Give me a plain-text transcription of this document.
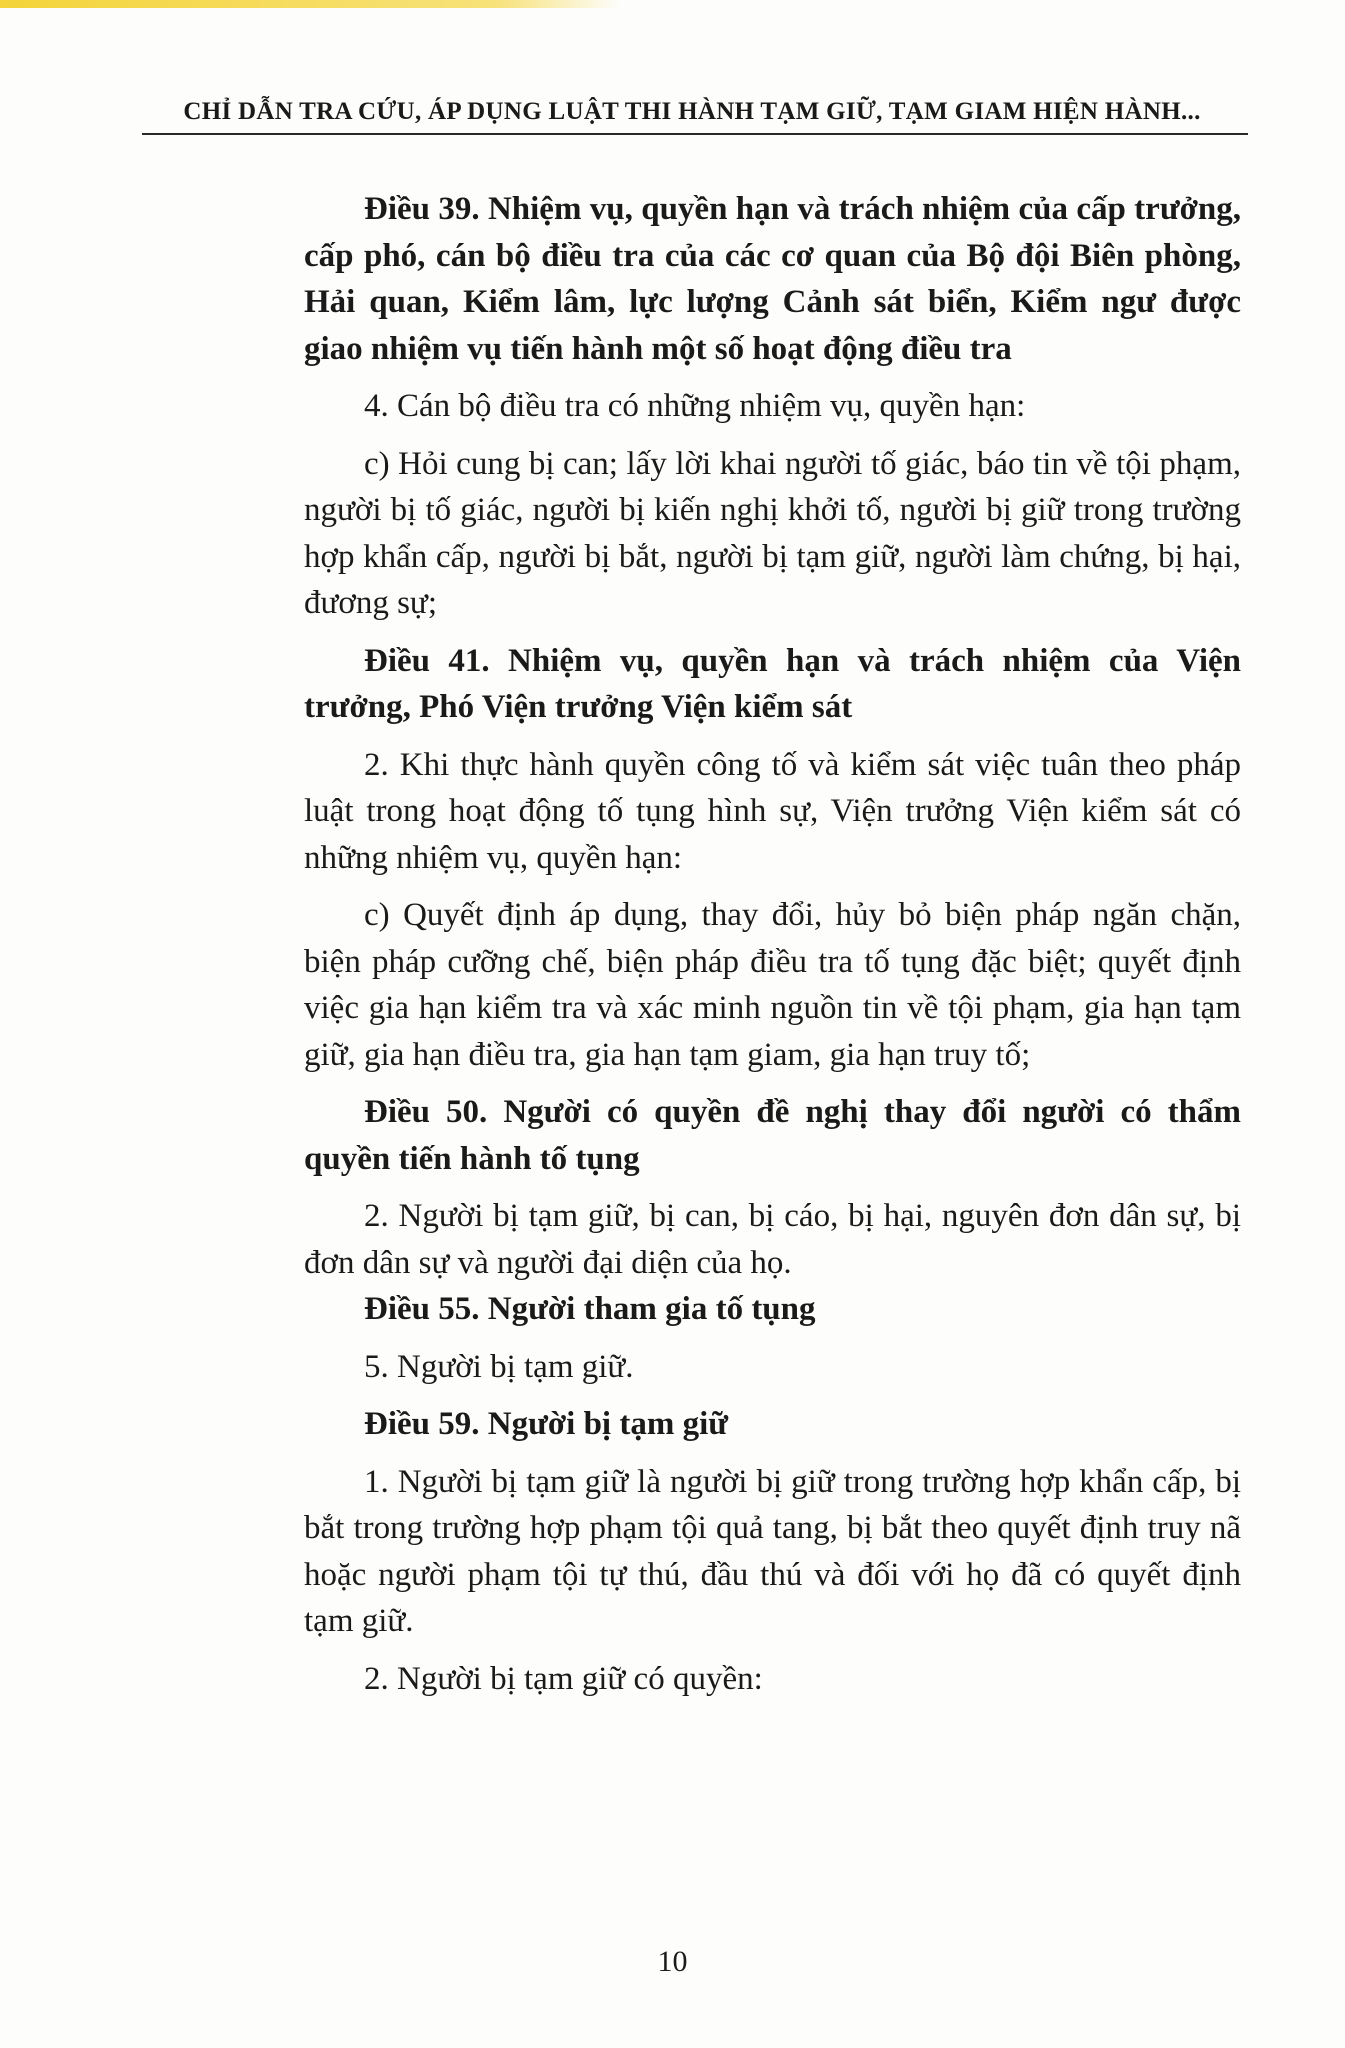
CHỈ DẪN TRA CỨU, ÁP DỤNG LUẬT THI HÀNH TẠM GIỮ, TẠM GIAM HIỆN HÀNH...

Điều 39. Nhiệm vụ, quyền hạn và trách nhiệm của cấp trưởng, cấp phó, cán bộ điều tra của các cơ quan của Bộ đội Biên phòng, Hải quan, Kiểm lâm, lực lượng Cảnh sát biển, Kiểm ngư được giao nhiệm vụ tiến hành một số hoạt động điều tra

4. Cán bộ điều tra có những nhiệm vụ, quyền hạn:

c) Hỏi cung bị can; lấy lời khai người tố giác, báo tin về tội phạm, người bị tố giác, người bị kiến nghị khởi tố, người bị giữ trong trường hợp khẩn cấp, người bị bắt, người bị tạm giữ, người làm chứng, bị hại, đương sự;

Điều 41. Nhiệm vụ, quyền hạn và trách nhiệm của Viện trưởng, Phó Viện trưởng Viện kiểm sát

2. Khi thực hành quyền công tố và kiểm sát việc tuân theo pháp luật trong hoạt động tố tụng hình sự, Viện trưởng Viện kiểm sát có những nhiệm vụ, quyền hạn:

c) Quyết định áp dụng, thay đổi, hủy bỏ biện pháp ngăn chặn, biện pháp cưỡng chế, biện pháp điều tra tố tụng đặc biệt; quyết định việc gia hạn kiểm tra và xác minh nguồn tin về tội phạm, gia hạn tạm giữ, gia hạn điều tra, gia hạn tạm giam, gia hạn truy tố;

Điều 50. Người có quyền đề nghị thay đổi người có thẩm quyền tiến hành tố tụng

2. Người bị tạm giữ, bị can, bị cáo, bị hại, nguyên đơn dân sự, bị đơn dân sự và người đại diện của họ.

Điều 55. Người tham gia tố tụng

5. Người bị tạm giữ.

Điều 59. Người bị tạm giữ

1. Người bị tạm giữ là người bị giữ trong trường hợp khẩn cấp, bị bắt trong trường hợp phạm tội quả tang, bị bắt theo quyết định truy nã hoặc người phạm tội tự thú, đầu thú và đối với họ đã có quyết định tạm giữ.

2. Người bị tạm giữ có quyền:

10
